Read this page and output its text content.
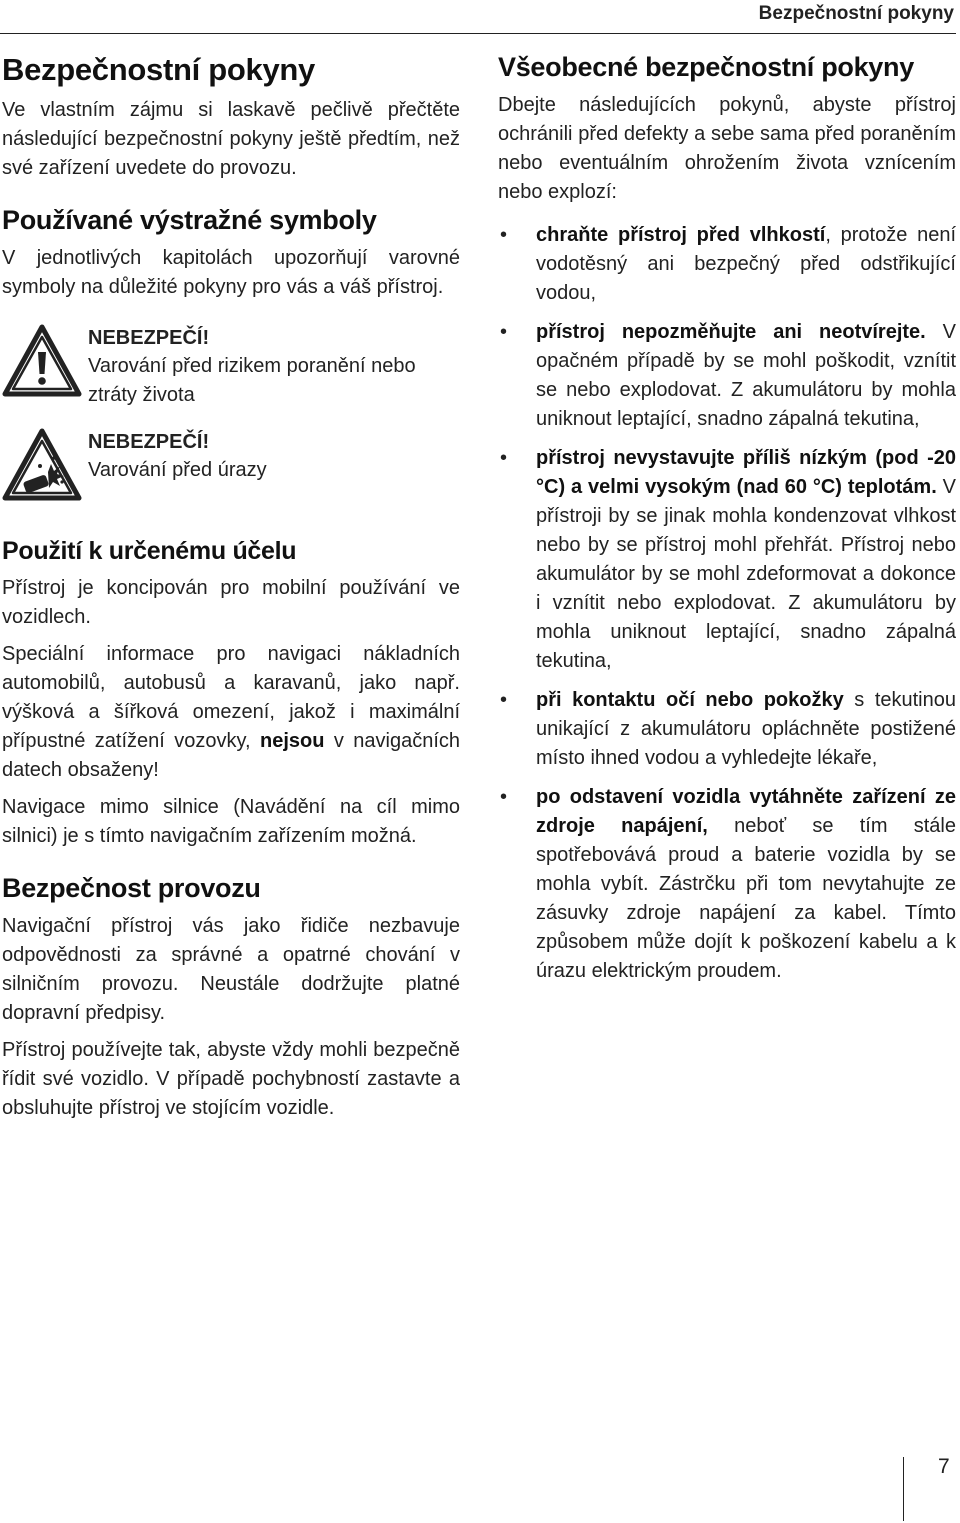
Bezpečnostní pokyny
Bezpečnostní pokyny

Ve vlastním zájmu si laskavě pečlivě přečtěte následující bezpečnostní pokyny ještě předtím, než své zařízení uvedete do provozu.

Používané výstražné symboly

V jednotlivých kapitolách upozorňují varovné symboly na důležité pokyny pro vás a váš přístroj.

NEBEZPEČÍ!
Varování před rizikem poranění nebo ztráty života
NEBEZPEČÍ!
Varování před úrazy
Použití k určenému účelu

Přístroj je koncipován pro mobilní používání ve vozidlech.

Speciální informace pro navigaci nákladních automobilů, autobusů a karavanů, jako např. výšková a šířková omezení, jakož i maximální přípustné zatížení vozovky, nejsou v navigačních datech obsaženy!

Navigace mimo silnice (Navádění na cíl mimo silnici) je s tímto navigačním zařízením možná.

Bezpečnost provozu

Navigační přístroj vás jako řidiče nezbavuje odpovědnosti za správné a opatrné chování v silničním provozu. Neustále dodržujte platné dopravní předpisy.

Přístroj používejte tak, abyste vždy mohli bezpečně řídit své vozidlo. V případě pochybností zastavte a obsluhujte přístroj ve stojícím vozidle.

Všeobecné bezpečnostní pokyny

Dbejte následujících pokynů, abyste přístroj ochránili před defekty a sebe sama před poraněním nebo eventuálním ohrožením života vznícením nebo explozí:

• chraňte přístroj před vlhkostí, protože není vodotěsný ani bezpečný před odstřikující vodou,
• přístroj nepozměňujte ani neotvírejte. V opačném případě by se mohl poškodit, vznítit se nebo explodovat. Z akumulátoru by mohla uniknout leptající, snadno zápalná tekutina,
• přístroj nevystavujte příliš nízkým (pod -20 °C) a velmi vysokým (nad 60 °C) teplotám. V přístroji by se jinak mohla kondenzovat vlhkost nebo by se přístroj mohl přehřát. Přístroj nebo akumulátor by se mohl zdeformovat a dokonce i vznítit nebo explodovat. Z akumulátoru by mohla uniknout leptající, snadno zápalná tekutina,
• při kontaktu očí nebo pokožky s tekutinou unikající z akumulátoru opláchněte postižené místo ihned vodou a vyhledejte lékaře,
• po odstavení vozidla vytáhněte zařízení ze zdroje napájení, neboť se tím stále spotřebovává proud a baterie vozidla by se mohla vybít. Zástrčku při tom nevytahujte ze zásuvky zdroje napájení za kabel. Tímto způsobem může dojít k poškození kabelu a k úrazu elektrickým proudem.
7
